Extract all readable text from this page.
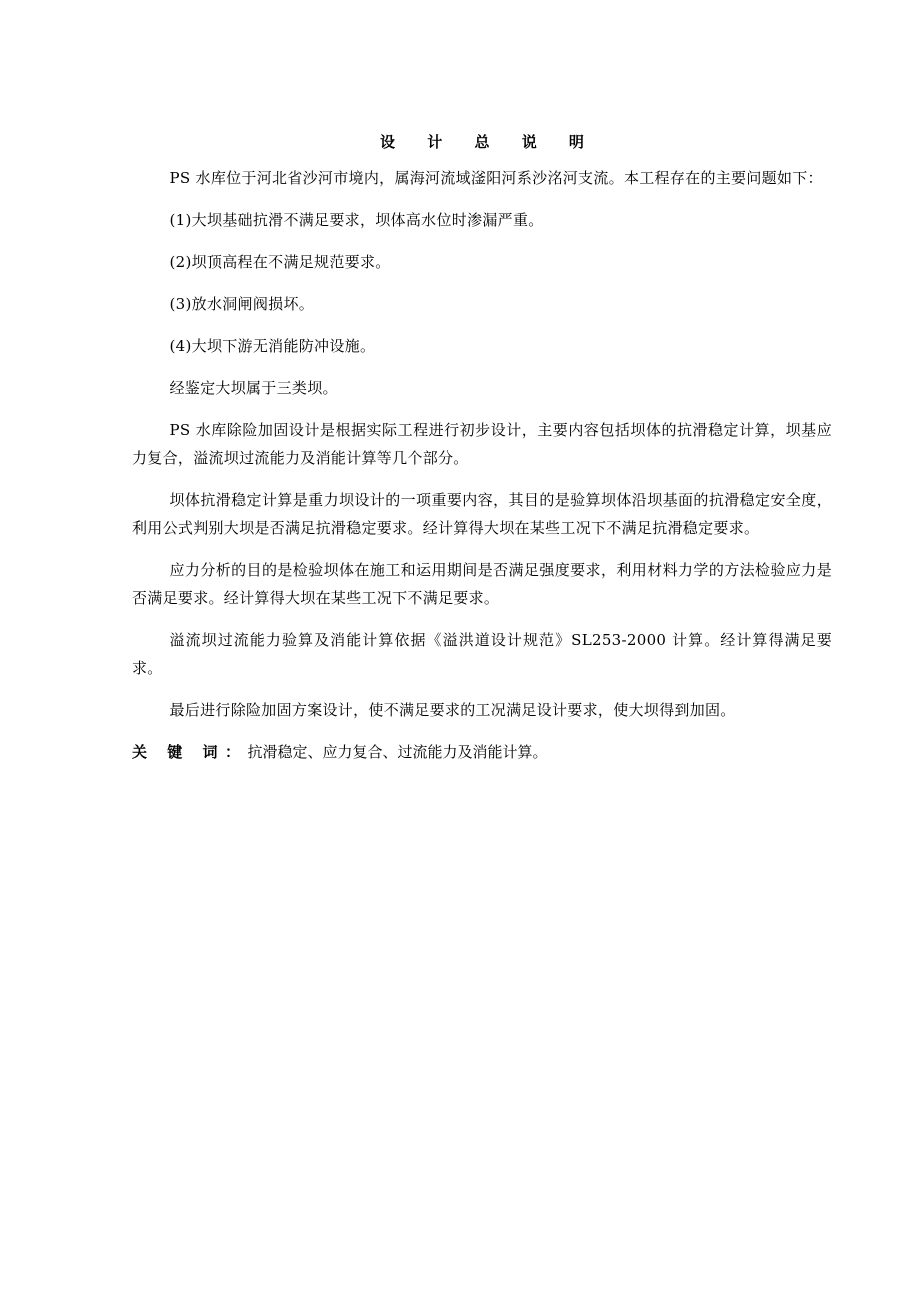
设 计 总 说 明

PS 水库位于河北省沙河市境内，属海河流域滏阳河系沙洺河支流。本工程存在的主要问题如下：

(1)大坝基础抗滑不满足要求，坝体高水位时渗漏严重。

(2)坝顶高程在不满足规范要求。

(3)放水洞闸阀损坏。

(4)大坝下游无消能防冲设施。

经鉴定大坝属于三类坝。

PS 水库除险加固设计是根据实际工程进行初步设计，主要内容包括坝体的抗滑稳定计算，坝基应力复合，溢流坝过流能力及消能计算等几个部分。

坝体抗滑稳定计算是重力坝设计的一项重要内容，其目的是验算坝体沿坝基面的抗滑稳定安全度，利用公式判别大坝是否满足抗滑稳定要求。经计算得大坝在某些工况下不满足抗滑稳定要求。

应力分析的目的是检验坝体在施工和运用期间是否满足强度要求，利用材料力学的方法检验应力是否满足要求。经计算得大坝在某些工况下不满足要求。

溢流坝过流能力验算及消能计算依据《溢洪道设计规范》SL253-2000 计算。经计算得满足要求。

最后进行除险加固方案设计，使不满足要求的工况满足设计要求，使大坝得到加固。

关 键 词：抗滑稳定、应力复合、过流能力及消能计算。
